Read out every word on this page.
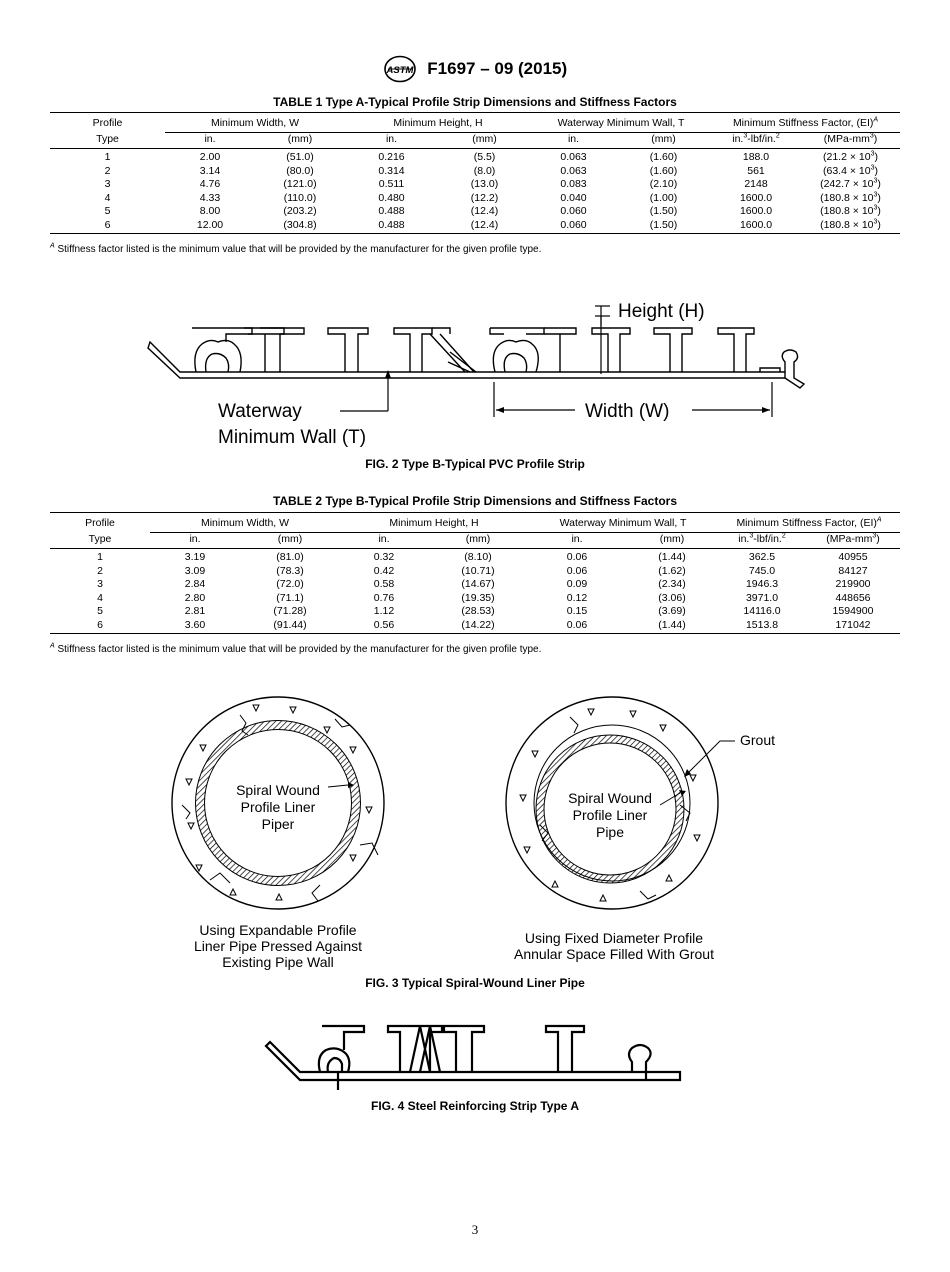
ASTM F1697 – 09 (2015)
TABLE 1 Type A-Typical Profile Strip Dimensions and Stiffness Factors
Profile	Minimum Width, W		Minimum Height, H		Waterway Minimum Wall, T		Minimum Stiffness Factor, (EI)$^A$
Type	in.	(mm)	in.	(mm)	in.	(mm)	in.$^3$-lbf/in.$^2$	$(MPa-mm^3)$
1	2.00	(51.0)	0.216	(5.5)	0.063	(1.60)	188.0	$(21.2 \times 10^3)$
2	3.14	(80.0)	0.314	(8.0)	0.063	(1.60)	561	$(63.4 \times 10^3)$
3	4.76	(121.0)	0.511	(13.0)	0.083	(2.10)	2148	$(242.7 \times 10^3)$
4	4.33	(110.0)	0.480	(12.2)	0.040	(1.00)	1600.0	$(180.8 \times 10^3)$
5	8.00	(203.2)	0.488	(12.4)	0.060	(1.50)	1600.0	$(180.8 \times 10^3)$
6	12.00	(304.8)	0.488	(12.4)	0.060	(1.50)	1600.0	$(180.8 \times 10^3)$
$^A$ Stiffness factor listed is the minimum value that will be provided by the manufacturer for the given profile type.
Height (H)
Waterway
Minimum Wall (T)
Width (W)
FIG. 2 Type B-Typical PVC Profile Strip
TABLE 2 Type B-Typical Profile Strip Dimensions and Stiffness Factors
Profile	Minimum Width, W		Minimum Height, H		Waterway Minimum Wall, T		Minimum Stiffness Factor, (EI)$^A$
Type	in.	(mm)	in.	(mm)	in.	(mm)	in.$^3$-lbf/in.$^2$	$(MPa-mm^3)$
1	3.19	(81.0)	0.32	(8.10)	0.06	(1.44)	362.5	40955
2	3.09	(78.3)	0.42	(10.71)	0.06	(1.62)	745.0	84127
3	2.84	(72.0)	0.58	(14.67)	0.09	(2.34)	1946.3	219900
4	2.80	(71.1)	0.76	(19.35)	0.12	(3.06)	3971.0	448656
5	2.81	(71.28)	1.12	(28.53)	0.15	(3.69)	14116.0	1594900
6	3.60	(91.44)	0.56	(14.22)	0.06	(1.44)	1513.8	171042
$^A$ Stiffness factor listed is the minimum value that will be provided by the manufacturer for the given profile type.
Spiral Wound
Profile Liner
Piper
Using Expandable Profile
Liner Pipe Pressed Against
Existing Pipe Wall
Spiral Wound
Profile Liner
Pipe
Grout
Using Fixed Diameter Profile
Annular Space Filled With Grout
FIG. 3 Typical Spiral-Wound Liner Pipe
FIG. 4 Steel Reinforcing Strip Type A
3
